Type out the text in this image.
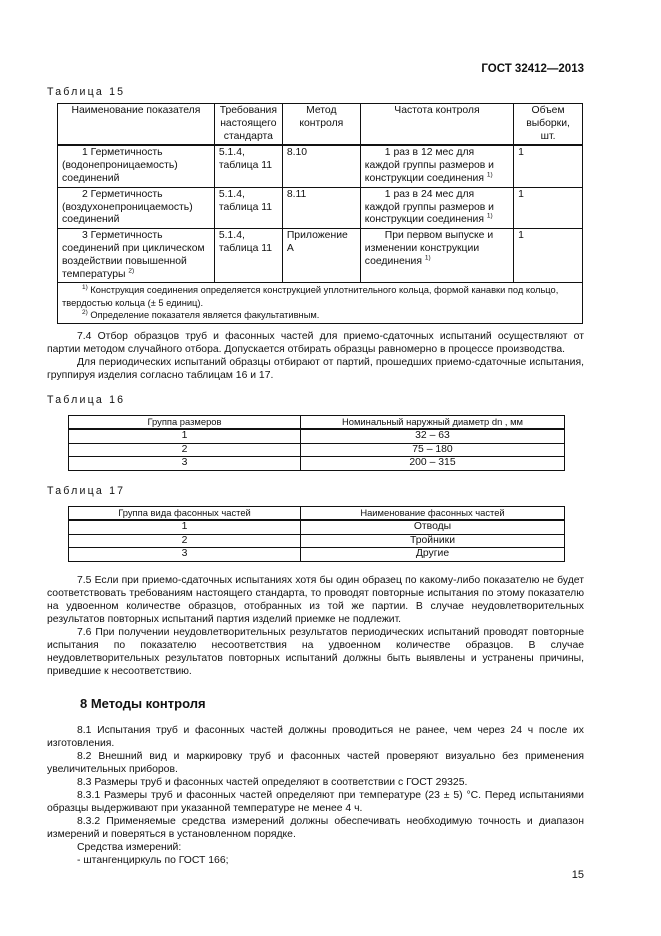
ГОСТ 32412—2013
Таблица 15
Наименование показателя	Требования настоящего стандарта	Метод контроля	Частота контроля	Объем выборки, шт.
1 Герметичность (водонепроницаемость) соединений	5.1.4, таблица 11	8.10	1 раз в 12 мес для каждой группы размеров и конструкции соединения $^{1)}$	1
2 Герметичность (воздухонепроницаемость) соединений	5.1.4, таблица 11	8.11	1 раз в 24 мес для каждой группы размеров и конструкции соединения $^{1)}$	1
3 Герметичность соединений при циклическом воздействии повышенной температуры $^{2)}$	5.1.4, таблица 11	Приложение А	При первом выпуске и изменении конструкции соединения $^{1)}$	1

$^{1)}$ Конструкция соединения определяется конструкцией уплотнительного кольца, формой канавки под кольцо, твердостью кольца (± 5 единиц).
$^{2)}$ Определение показателя является факультативным.				

7.4 Отбор образцов труб и фасонных частей для приемо-сдаточных испытаний осуществляют от партии методом случайного отбора. Допускается отбирать образцы равномерно в процессе производства.

Для периодических испытаний образцы отбирают от партий, прошедших приемо-сдаточные испытания, группируя изделия согласно таблицам 16 и 17.

Таблица 16
Группа размеров	Номинальный наружный диаметр dn , мм
1	32 – 63
2	75 – 180
3	200 – 315
Таблица 17
Группа вида фасонных частей	Наименование фасонных частей
1	Отводы
2	Тройники
3	Другие

7.5 Если при приемо-сдаточных испытаниях хотя бы один образец по какому-либо показателю не будет соответствовать требованиям настоящего стандарта, то проводят повторные испытания по этому показателю на удвоенном количестве образцов, отобранных из той же партии. В случае неудовлетворительных результатов повторных испытаний партия изделий приемке не подлежит.

7.6 При получении неудовлетворительных результатов периодических испытаний проводят повторные испытания по показателю несоответствия на удвоенном количестве образцов. В случае неудовлетворительных результатов повторных испытаний должны быть выявлены и устранены причины, приведшие к несоответствию.

8 Методы контроля

8.1 Испытания труб и фасонных частей должны проводиться не ранее, чем через 24 ч после их изготовления.

8.2 Внешний вид и маркировку труб и фасонных частей проверяют визуально без применения увеличительных приборов.

8.3 Размеры труб и фасонных частей определяют в соответствии с ГОСТ 29325.

8.3.1 Размеры труб и фасонных частей определяют при температуре (23 ± 5) °С. Перед испытаниями образцы выдерживают при указанной температуре не менее 4 ч.

8.3.2 Применяемые средства измерений должны обеспечивать необходимую точность и диапазон измерений и поверяться в установленном порядке.

Средства измерений:

- штангенциркуль по ГОСТ 166;

15
